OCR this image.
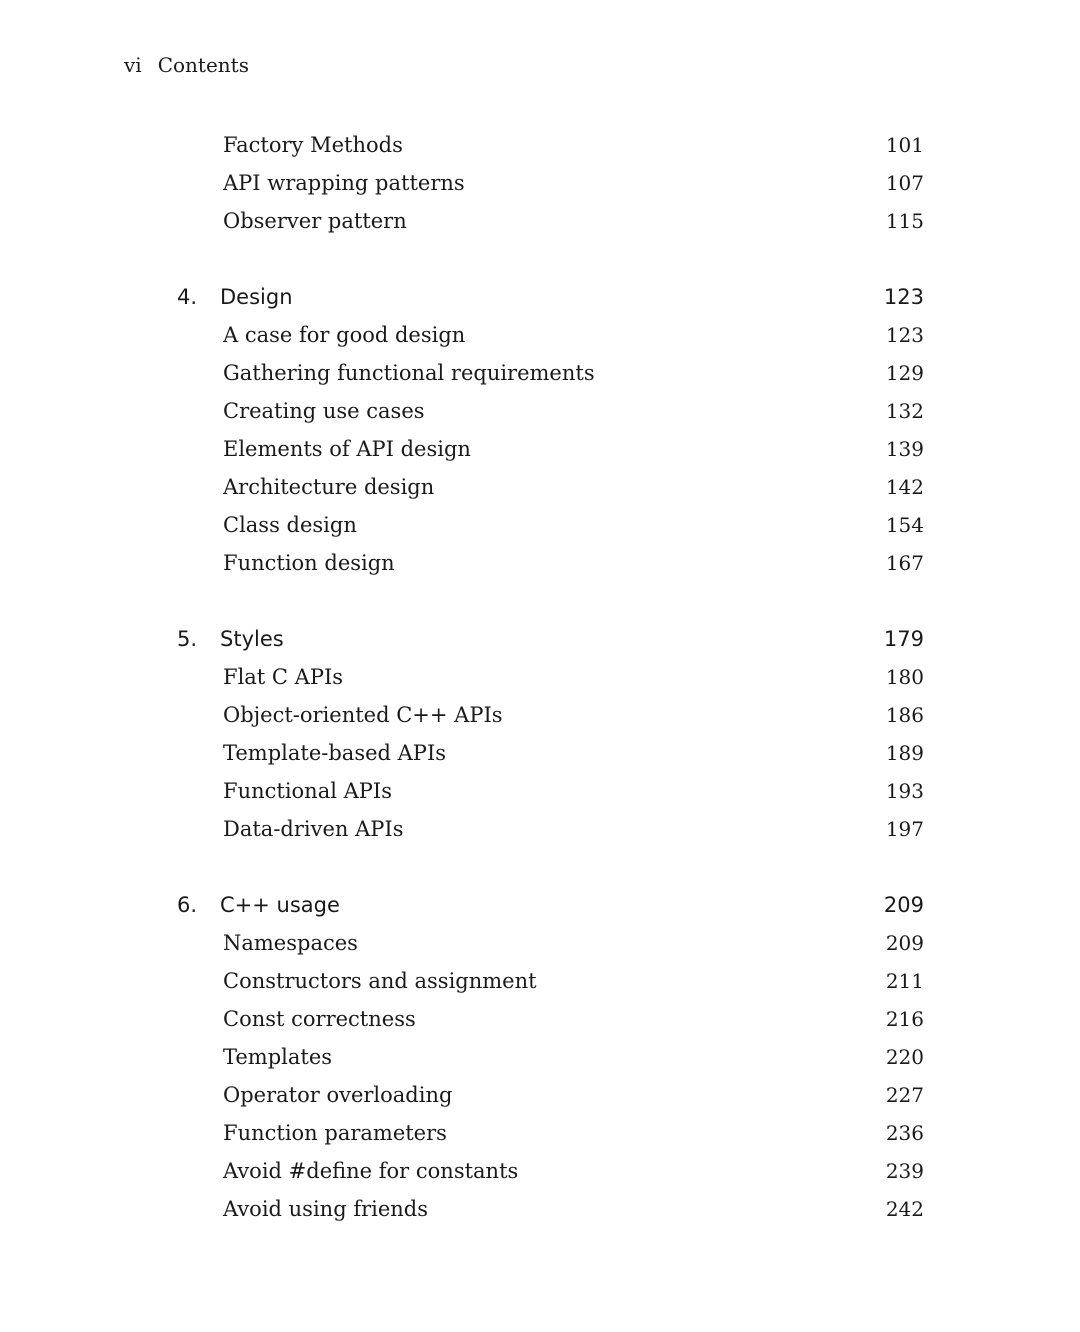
vi Contents
Factory Methods	101
API wrapping patterns	107
Observer pattern	115
4. Design	123
A case for good design	123
Gathering functional requirements	129
Creating use cases	132
Elements of API design	139
Architecture design	142
Class design	154
Function design	167
5. Styles	179
Flat C APIs	180
Object-oriented C++ APIs	186
Template-based APIs	189
Functional APIs	193
Data-driven APIs	197
6. C++ usage	209
Namespaces	209
Constructors and assignment	211
Const correctness	216
Templates	220
Operator overloading	227
Function parameters	236
Avoid #define for constants	239
Avoid using friends	242
